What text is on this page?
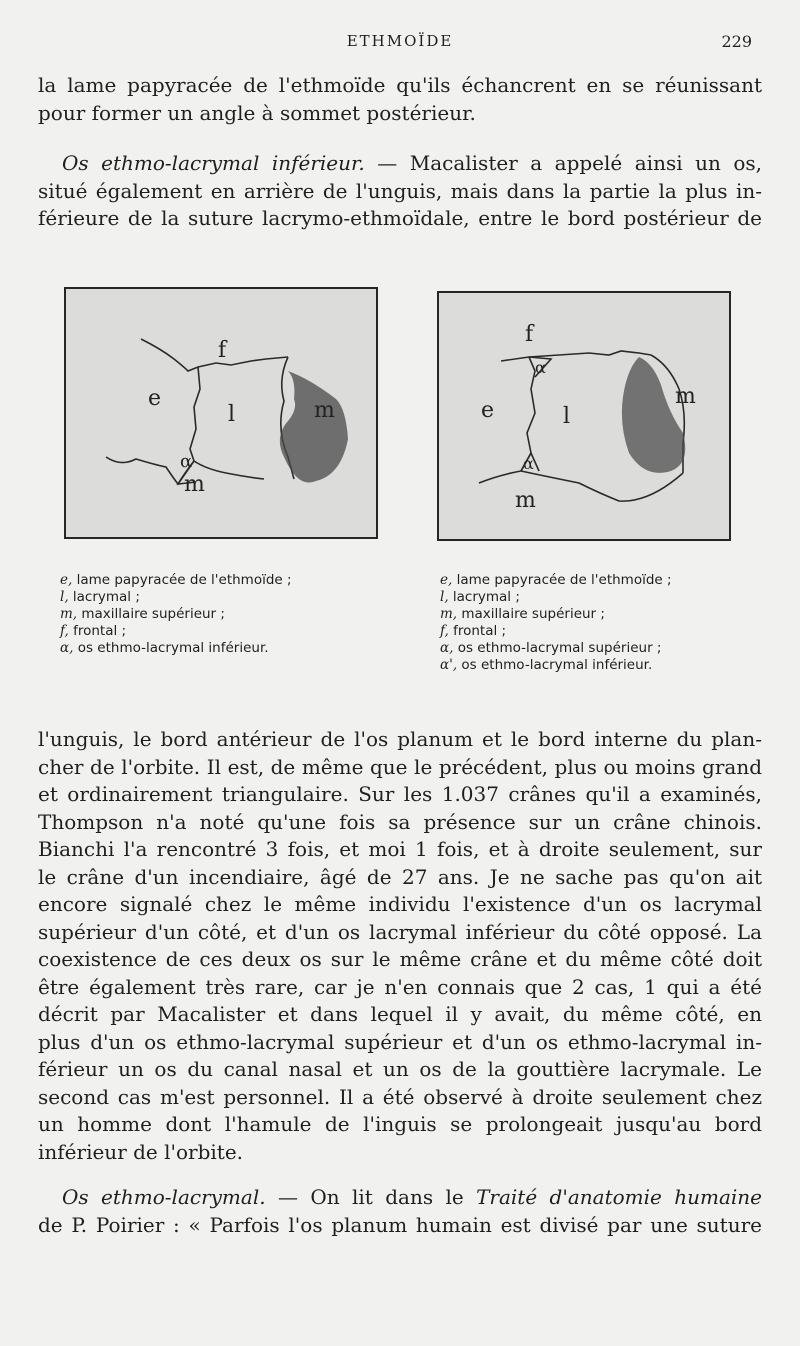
ETHMOÏDE	229
la lame papyracée de l'ethmoïde qu'ils échancrent en se réunissant
pour former un angle à sommet postérieur.
Os ethmo-lacrymal inférieur. — Macalister a appelé ainsi un os,
situé également en arrière de l'unguis, mais dans la partie la plus in-
férieure de la suture lacrymo-ethmoïdale, entre le bord postérieur de
f
e
l	m
α
m
f
e	l
m
α
α
m
e, lame papyracée de l'ethmoïde ;
l, lacrymal ;
m, maxillaire supérieur ;
f, frontal ;
α, os ethmo-lacrymal inférieur.
e, lame papyracée de l'ethmoïde ;
l, lacrymal ;
m, maxillaire supérieur ;
f, frontal ;
α, os ethmo-lacrymal supérieur ;
α', os ethmo-lacrymal inférieur.
l'unguis, le bord antérieur de l'os planum et le bord interne du plan-
cher de l'orbite. Il est, de même que le précédent, plus ou moins grand
et ordinairement triangulaire. Sur les 1.037 crânes qu'il a examinés,
Thompson n'a noté qu'une fois sa présence sur un crâne chinois.
Bianchi l'a rencontré 3 fois, et moi 1 fois, et à droite seulement, sur
le crâne d'un incendiaire, âgé de 27 ans. Je ne sache pas qu'on ait
encore signalé chez le même individu l'existence d'un os lacrymal
supérieur d'un côté, et d'un os lacrymal inférieur du côté opposé. La
coexistence de ces deux os sur le même crâne et du même côté doit
être également très rare, car je n'en connais que 2 cas, 1 qui a été
décrit par Macalister et dans lequel il y avait, du même côté, en
plus d'un os ethmo-lacrymal supérieur et d'un os ethmo-lacrymal in-
férieur un os du canal nasal et un os de la gouttière lacrymale. Le
second cas m'est personnel. Il a été observé à droite seulement chez
un homme dont l'hamule de l'inguis se prolongeait jusqu'au bord
inférieur de l'orbite.
Os ethmo-lacrymal. — On lit dans le Traité d'anatomie humaine
de P. Poirier : « Parfois l'os planum humain est divisé par une suture
